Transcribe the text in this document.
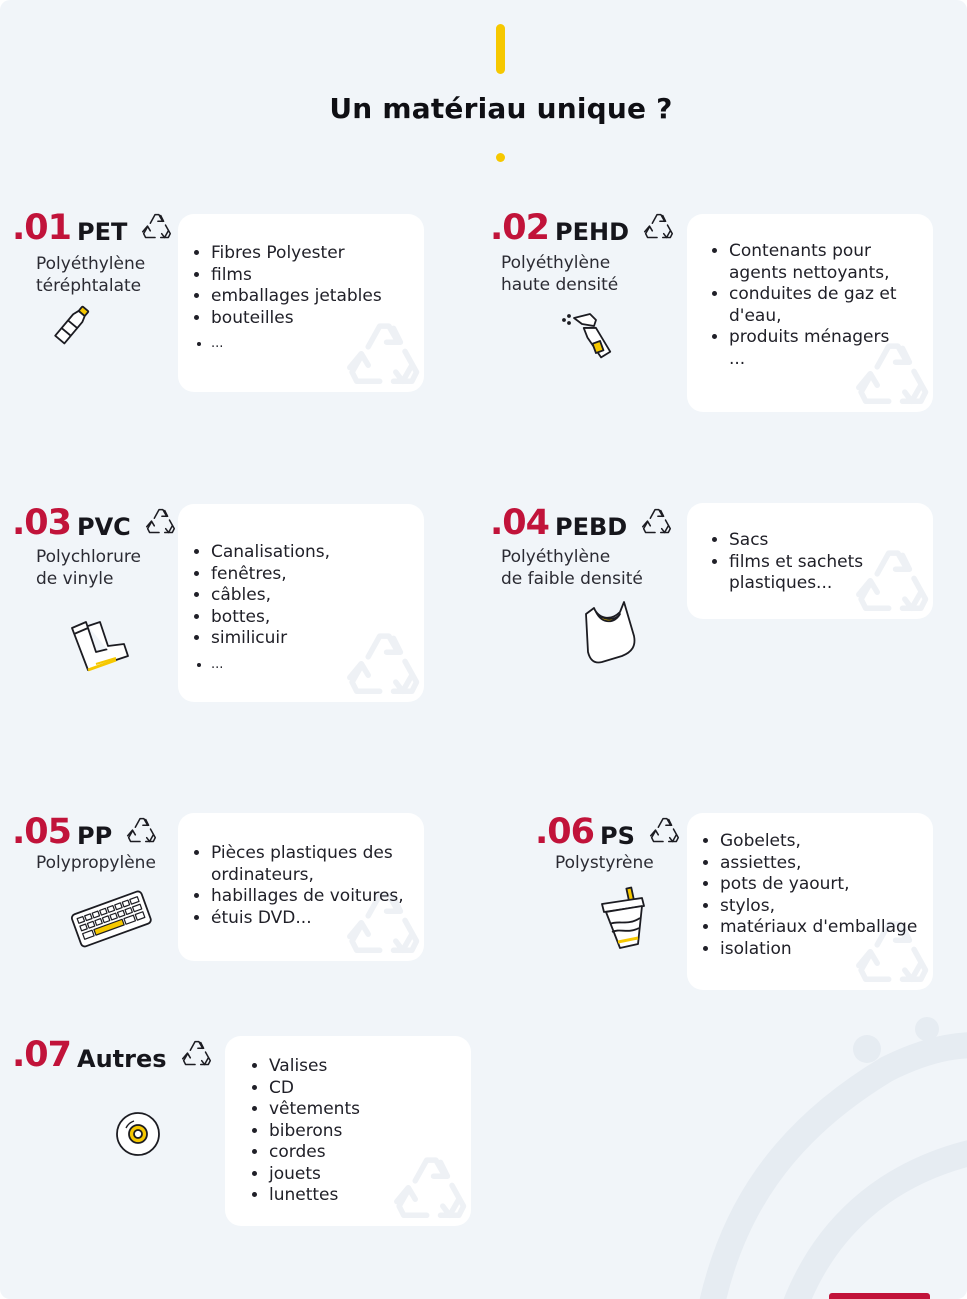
Un matériau unique ?
.01 PET
Polyéthylène
téréphtalate
• Fibres Polyester
• films
• emballages jetables
• bouteilles
• ...
.02 PEHD
Polyéthylène
haute densité
• Contenants pour agents nettoyants,
• conduites de gaz et d'eau,
• produits ménagers
...
.03 PVC
Polychlorure
de vinyle
• Canalisations,
• fenêtres,
• câbles,
• bottes,
• similicuir
• ...
.04 PEBD
Polyéthylène
de faible densité
• Sacs
• films et sachets plastiques...
.05 PP
Polypropylène	• Pièces plastiques des ordinateurs,
• habillages de voitures,
• étuis DVD...
.06 PS
Polystyrène
• Gobelets,
• assiettes,
• pots de yaourt,
• stylos,
• matériaux d'emballage
• isolation
.07 Autres	• Valises
• CD
• vêtements
• biberons
• cordes
• jouets
• lunettes
